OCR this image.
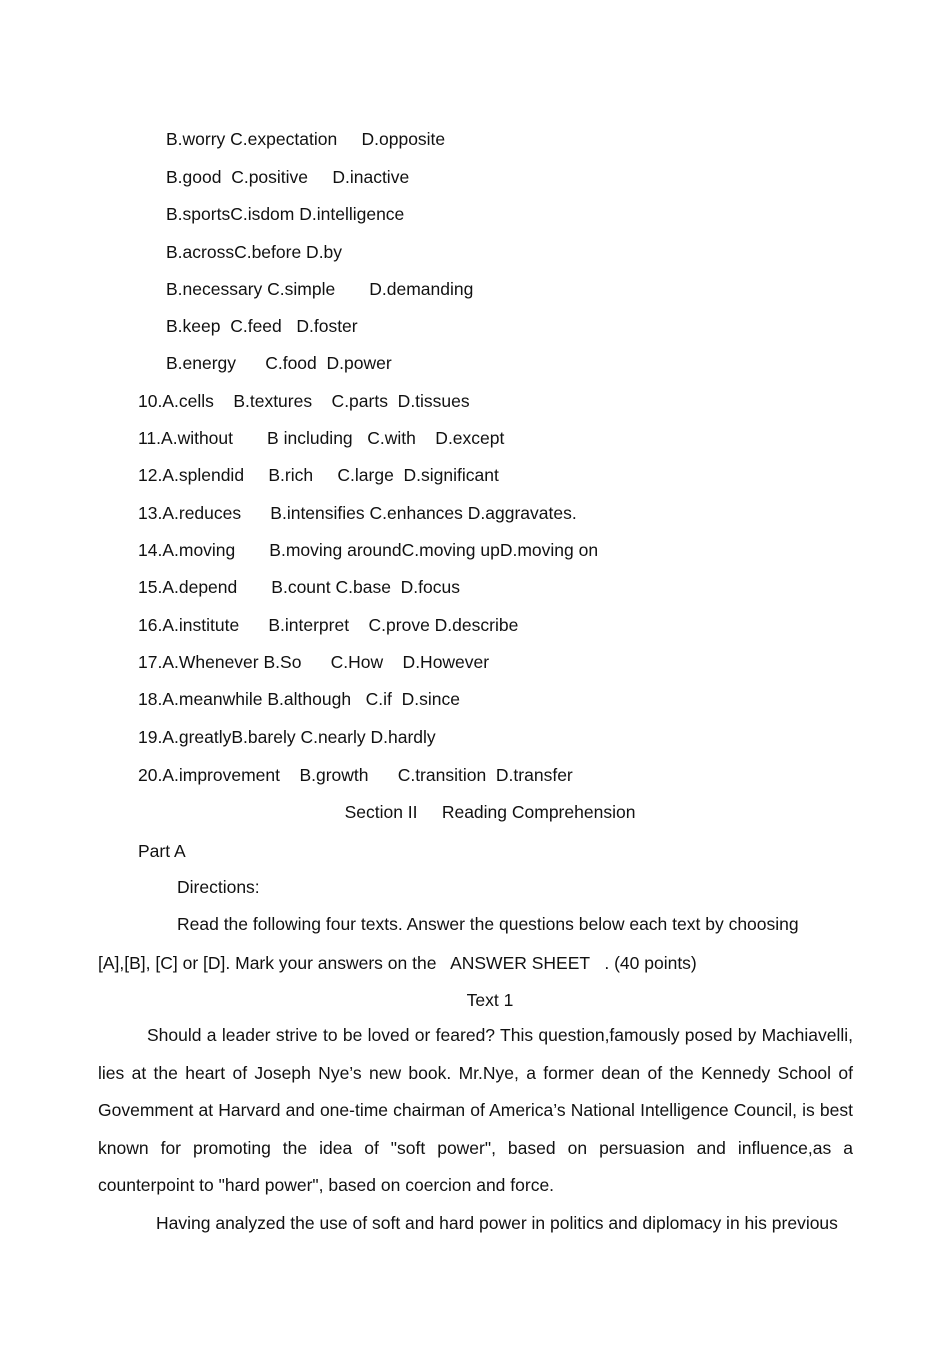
B.worry C.expectation     D.opposite
B.good  C.positive     D.inactive
B.sportsC.isdom D.intelligence
B.acrossC.before D.by
B.necessary C.simple       D.demanding
B.keep  C.feed   D.foster
B.energy      C.food  D.power
10.A.cells    B.textures    C.parts  D.tissues
11.A.without       B including   C.with    D.except
12.A.splendid     B.rich     C.large  D.significant
13.A.reduces      B.intensifies C.enhances D.aggravates.
14.A.moving       B.moving aroundC.moving upD.moving on
15.A.depend       B.count C.base  D.focus
16.A.institute      B.interpret    C.prove D.describe
17.A.Whenever B.So      C.How    D.However
18.A.meanwhile B.although   C.if  D.since
19.A.greatlyB.barely C.nearly D.hardly
20.A.improvement    B.growth      C.transition  D.transfer
Section II     Reading Comprehension
Part A
Directions:
Read the following four texts. Answer the questions below each text by choosing
[A],[B], [C] or [D]. Mark your answers on the   ANSWER SHEET   . (40 points)
Text 1

Should a leader strive to be loved or feared? This question,famously posed by Machiavelli, lies at the heart of Joseph Nye’s new book. Mr.Nye, a former dean of the Kennedy School of Govemment at Harvard and one-time chairman of America’s National Intelligence Council, is best known for promoting the idea of "soft power", based on persuasion and influence,as a counterpoint to "hard power", based on coercion and force.

Having analyzed the use of soft and hard power in politics and diplomacy in his previous
